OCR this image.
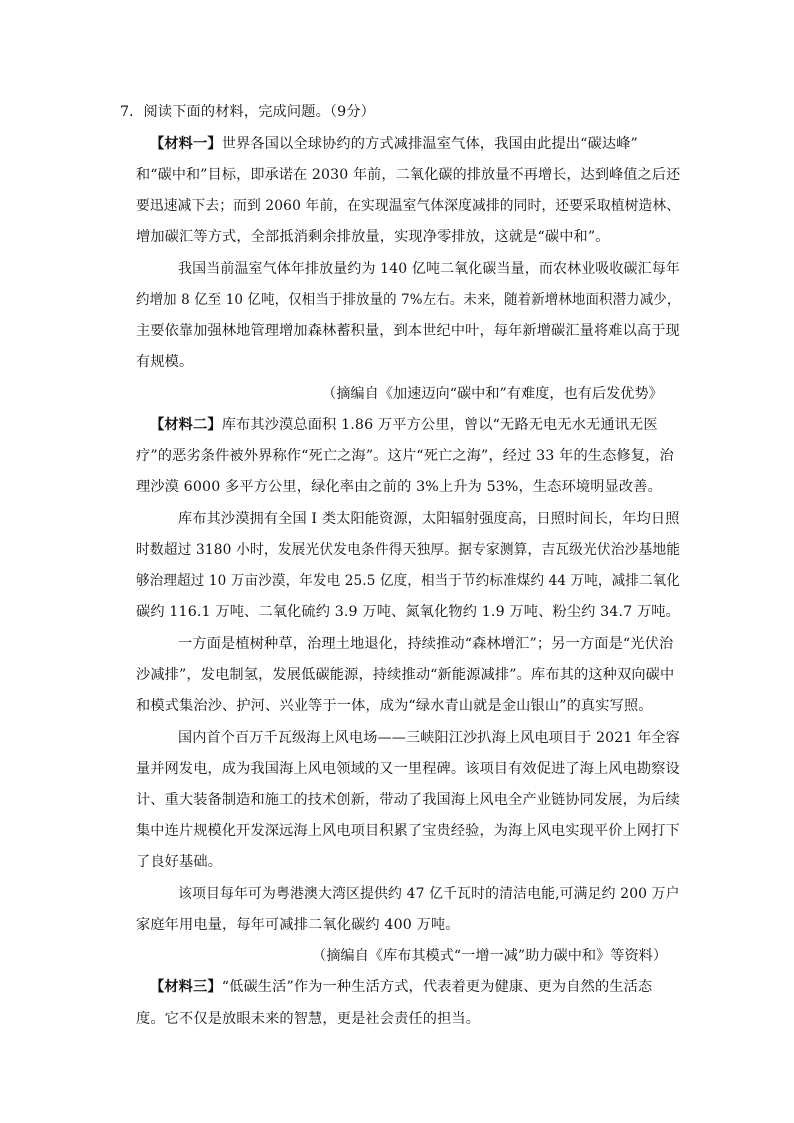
7．阅读下面的材料，完成问题。（9分）
【材料一】世界各国以全球协约的方式减排温室气体，我国由此提出“碳达峰”
和“碳中和”目标，即承诺在 2030 年前，二氧化碳的排放量不再增长，达到峰值之后还
要迅速减下去；而到 2060 年前，在实现温室气体深度减排的同时，还要采取植树造林、
增加碳汇等方式，全部抵消剩余排放量，实现净零排放，这就是“碳中和”。
我国当前温室气体年排放量约为 140 亿吨二氧化碳当量，而农林业吸收碳汇每年
约增加 8 亿至 10 亿吨，仅相当于排放量的 7%左右。未来，随着新增林地面积潜力减少，
主要依靠加强林地管理增加森林蓄积量，到本世纪中叶，每年新增碳汇量将难以高于现
有规模。
（摘编自《加速迈向“碳中和”有难度，也有后发优势》
【材料二】库布其沙漠总面积 1.86 万平方公里，曾以“无路无电无水无通讯无医
疗”的恶劣条件被外界称作“死亡之海”。这片“死亡之海”，经过 33 年的生态修复，治
理沙漠 6000 多平方公里，绿化率由之前的 3%上升为 53%，生态环境明显改善。
库布其沙漠拥有全国 I 类太阳能资源，太阳辐射强度高，日照时间长，年均日照
时数超过 3180 小时，发展光伏发电条件得天独厚。据专家测算，吉瓦级光伏治沙基地能
够治理超过 10 万亩沙漠，年发电 25.5 亿度，相当于节约标准煤约 44 万吨，减排二氧化
碳约 116.1 万吨、二氧化硫约 3.9 万吨、氮氧化物约 1.9 万吨、粉尘约 34.7 万吨。
一方面是植树种草，治理土地退化，持续推动“森林增汇”；另一方面是“光伏治
沙减排”，发电制氢，发展低碳能源，持续推动“新能源减排”。库布其的这种双向碳中
和模式集治沙、护河、兴业等于一体，成为“绿水青山就是金山银山”的真实写照。
国内首个百万千瓦级海上风电场——三峡阳江沙扒海上风电项目于 2021 年全容
量并网发电，成为我国海上风电领域的又一里程碑。该项目有效促进了海上风电勘察设
计、重大装备制造和施工的技术创新，带动了我国海上风电全产业链协同发展，为后续
集中连片规模化开发深远海上风电项目积累了宝贵经验，为海上风电实现平价上网打下
了良好基础。
该项目每年可为粤港澳大湾区提供约 47 亿千瓦时的清洁电能,可满足约 200 万户
家庭年用电量，每年可减排二氧化碳约 400 万吨。
（摘编自《库布其模式“一增一减”助力碳中和》等资料）
【材料三】“低碳生活”作为一种生活方式，代表着更为健康、更为自然的生活态
度。它不仅是放眼未来的智慧，更是社会责任的担当。
